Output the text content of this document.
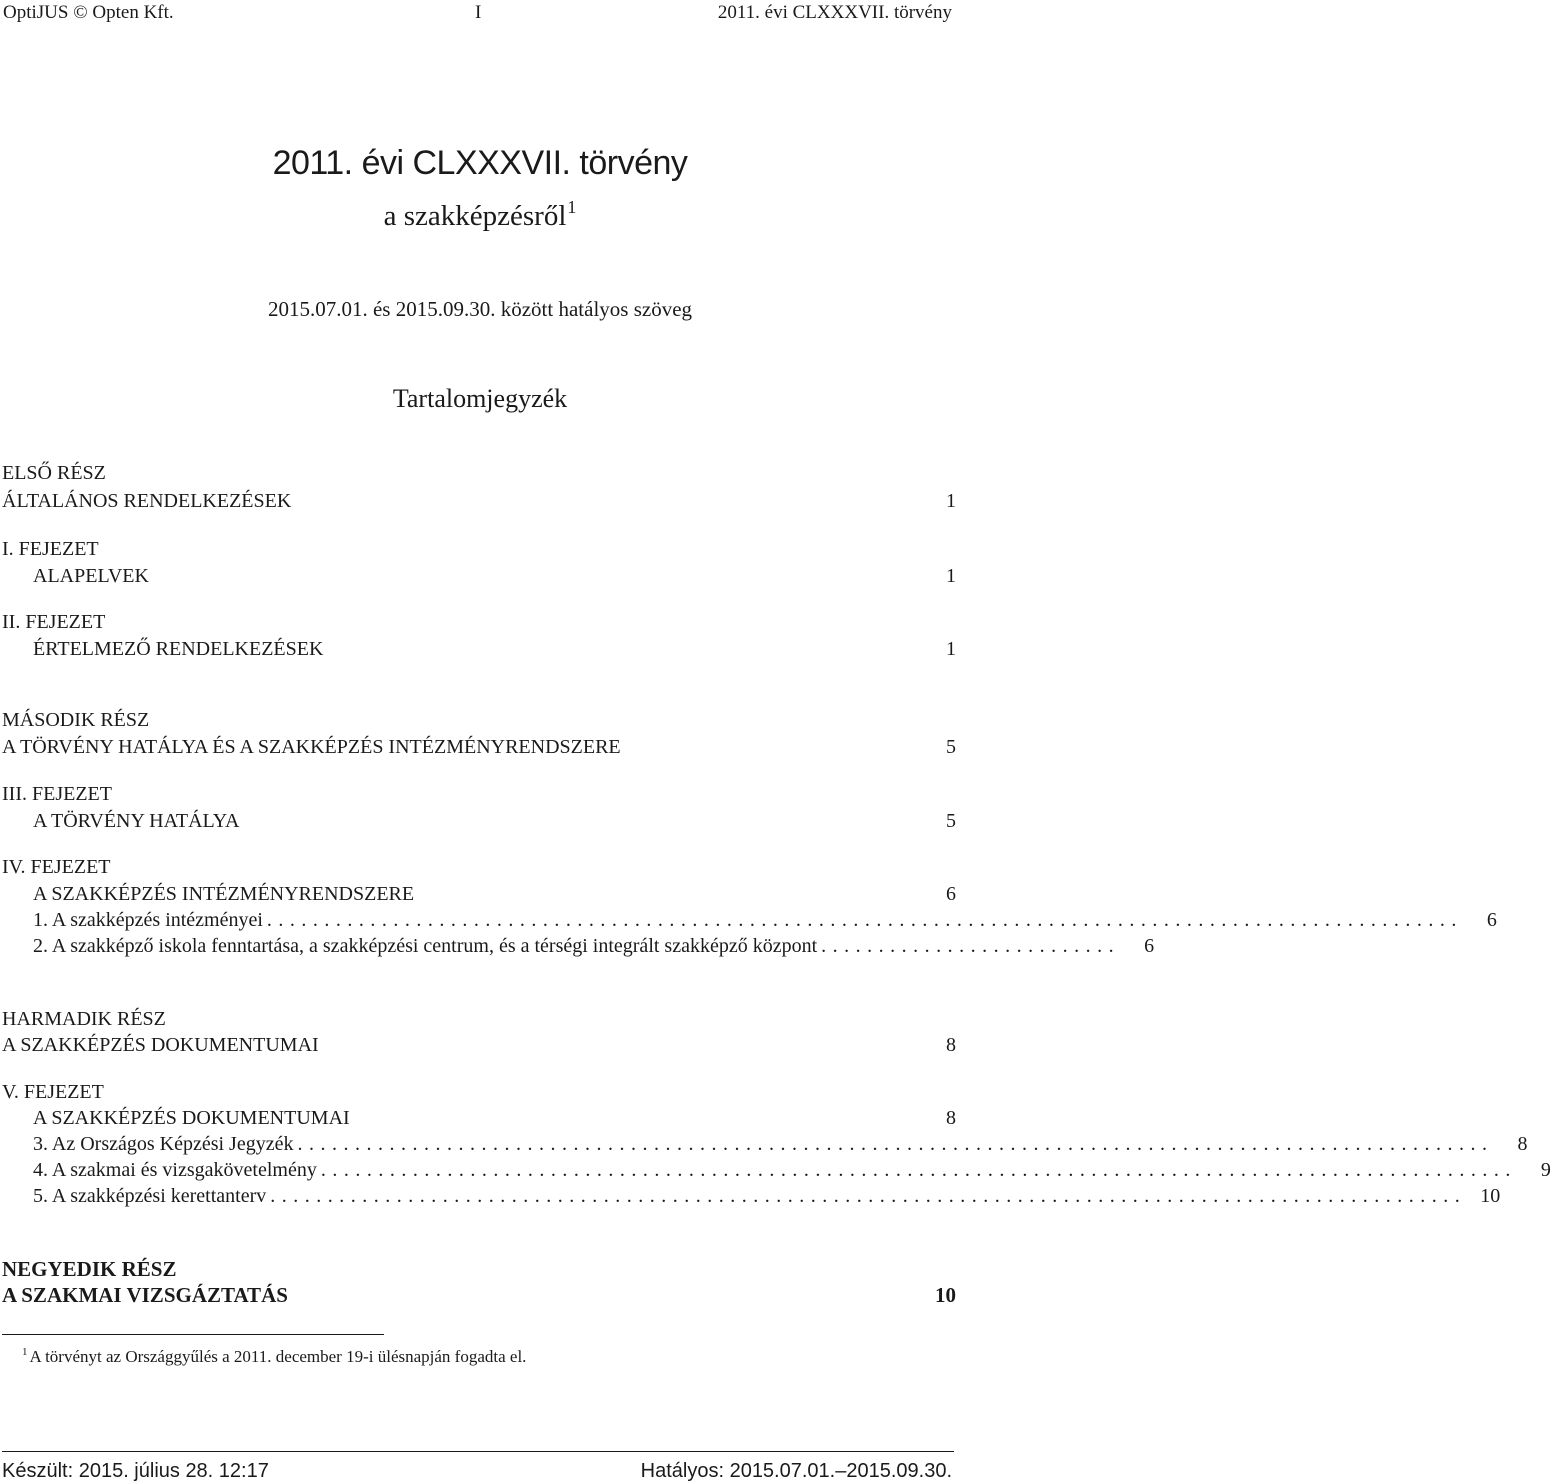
OptiJUS © Opten Kft.	I	2011. évi CLXXXVII. törvény
2011. évi CLXXXVII. törvény
a szakképzésről$^1$
2015.07.01. és 2015.09.30. között hatályos szöveg
Tartalomjegyzék
ELSŐ RÉSZ
ÁLTALÁNOS RENDELKEZÉSEK	1
I. FEJEZET
ALAPELVEK	1
II. FEJEZET
ÉRTELMEZŐ RENDELKEZÉSEK	1
MÁSODIK RÉSZ
A TÖRVÉNY HATÁLYA ÉS A SZAKKÉPZÉS INTÉZMÉNYRENDSZERE	5
III. FEJEZET
A TÖRVÉNY HATÁLYA	5
IV. FEJEZET
A SZAKKÉPZÉS INTÉZMÉNYRENDSZERE	6
1. A szakképzés intézményei ........................................................................................................	6
2. A szakképző iskola fenntartása, a szakképzési centrum, és a térségi integrált szakképző központ ..........................	6
HARMADIK RÉSZ
A SZAKKÉPZÉS DOKUMENTUMAI	8
V. FEJEZET
A SZAKKÉPZÉS DOKUMENTUMAI	8
3. Az Országos Képzési Jegyzék ........................................................................................................	8
4. A szakmai és vizsgakövetelmény ........................................................................................................	9
5. A szakképzési kerettanterv ........................................................................................................ 10
NEGYEDIK RÉSZ
A SZAKMAI VIZSGÁZTATÁS	10
$^1$ A törvényt az Országgyűlés a 2011. december 19-i ülésnapján fogadta el.
Készült: 2015. július 28. 12:17	Hatályos: 2015.07.01.–2015.09.30.
